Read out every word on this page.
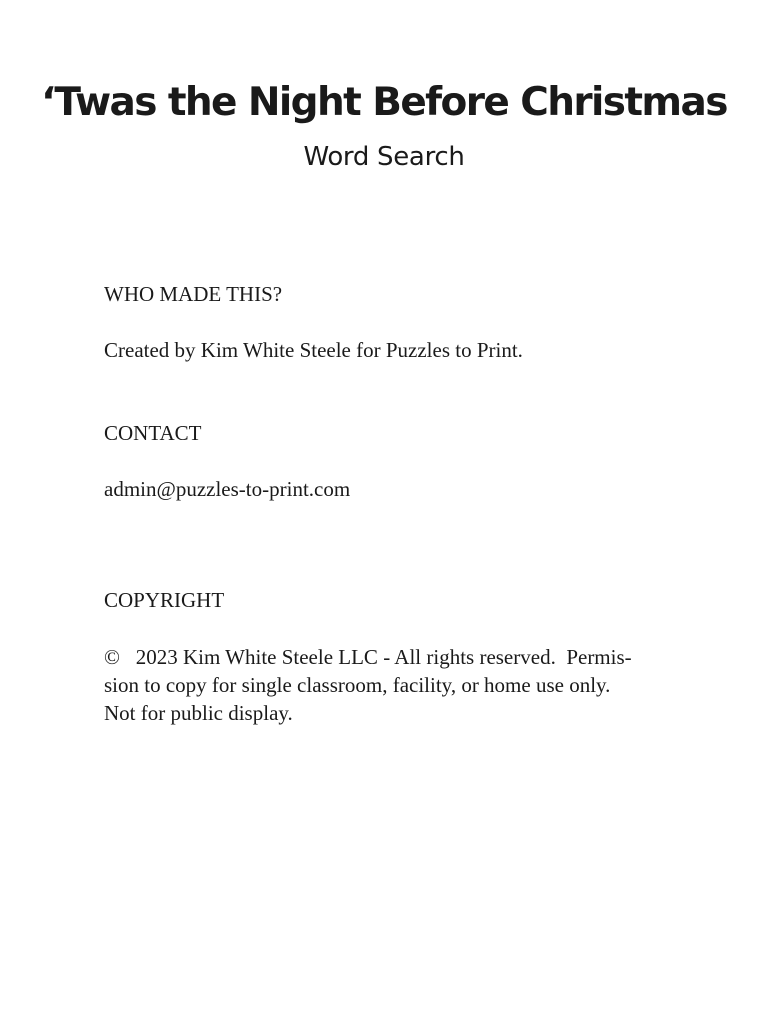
‘Twas the Night Before Christmas
Word Search
WHO MADE THIS?
Created by Kim White Steele for Puzzles to Print.
CONTACT
admin@puzzles-to-print.com
COPYRIGHT
©   2023 Kim White Steele LLC - All rights reserved.  Permis-
sion to copy for single classroom, facility, or home use only.
Not for public display.
